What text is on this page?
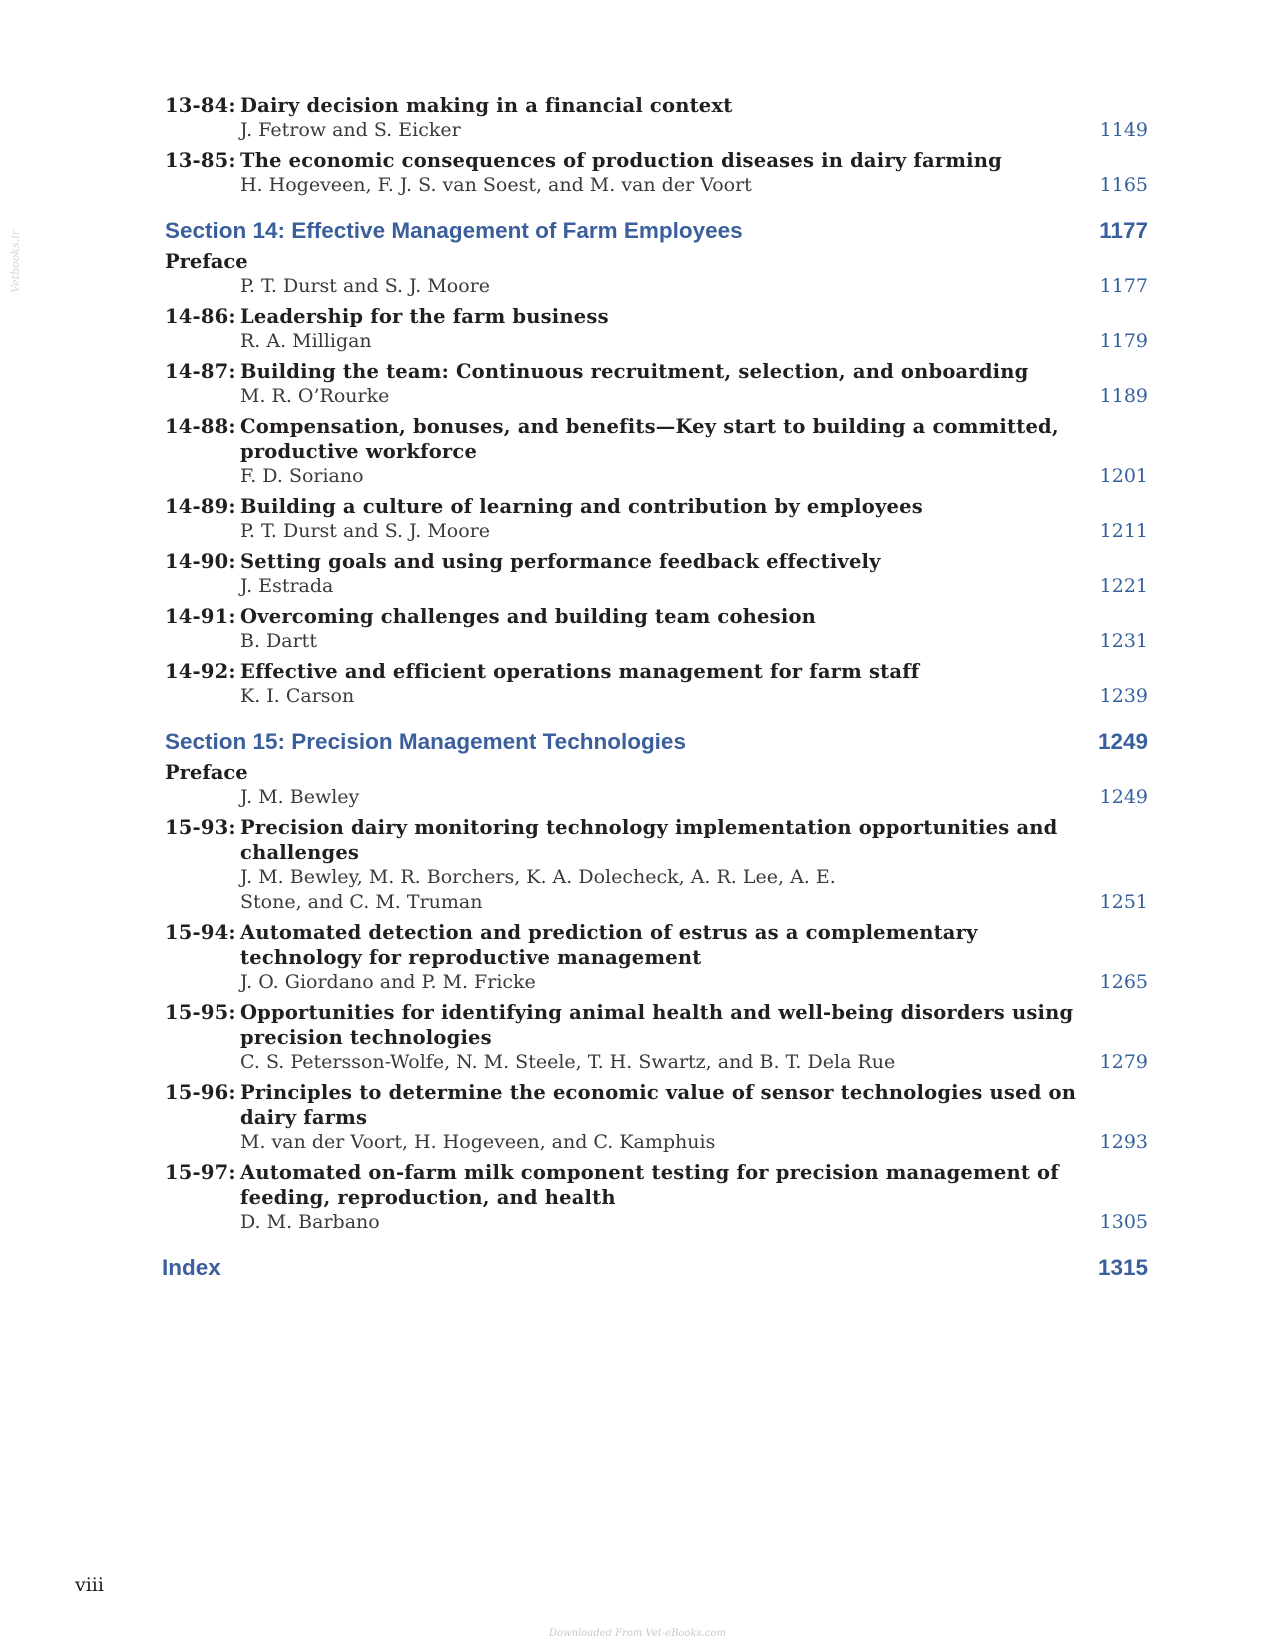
13-84: Dairy decision making in a financial context
J. Fetrow and S. Eicker	1149
13-85: The economic consequences of production diseases in dairy farming
H. Hogeveen, F. J. S. van Soest, and M. van der Voort	1165
Section 14: Effective Management of Farm Employees	1177
Preface
P. T. Durst and S. J. Moore	1177
14-86: Leadership for the farm business
R. A. Milligan	1179
14-87: Building the team: Continuous recruitment, selection, and onboarding
M. R. O’Rourke	1189
14-88: Compensation, bonuses, and benefits—Key start to building a committed, productive workforce
F. D. Soriano	1201
14-89: Building a culture of learning and contribution by employees
P. T. Durst and S. J. Moore	1211
14-90: Setting goals and using performance feedback effectively
J. Estrada	1221
14-91: Overcoming challenges and building team cohesion
B. Dartt	1231
14-92: Effective and efficient operations management for farm staff
K. I. Carson	1239
Section 15: Precision Management Technologies	1249
Preface
J. M. Bewley	1249
15-93: Precision dairy monitoring technology implementation opportunities and challenges
J. M. Bewley, M. R. Borchers, K. A. Dolecheck, A. R. Lee, A. E. Stone, and C. M. Truman	1251
15-94: Automated detection and prediction of estrus as a complementary technology for reproductive management
J. O. Giordano and P. M. Fricke	1265
15-95: Opportunities for identifying animal health and well-being disorders using precision technologies
C. S. Petersson-Wolfe, N. M. Steele, T. H. Swartz, and B. T. Dela Rue	1279
15-96: Principles to determine the economic value of sensor technologies used on dairy farms
M. van der Voort, H. Hogeveen, and C. Kamphuis	1293
15-97: Automated on-farm milk component testing for precision management of feeding, reproduction, and health
D. M. Barbano	1305
Index	1315
viii
Vetbooks.ir
Downloaded From Vet-eBooks.com
